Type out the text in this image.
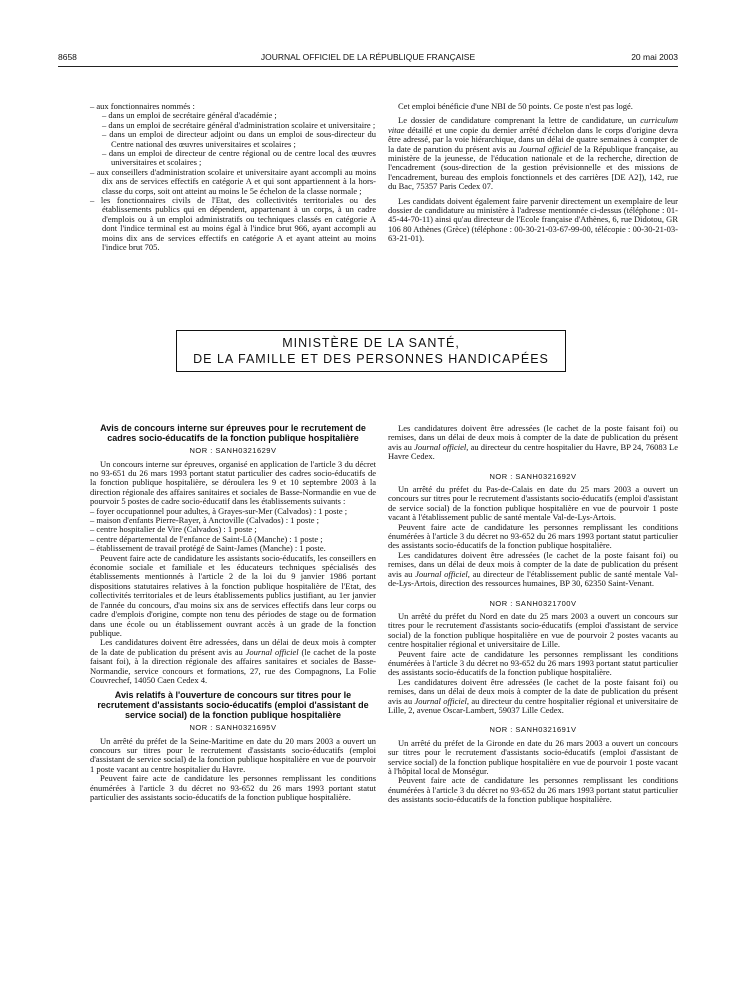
8658	JOURNAL OFFICIEL DE LA RÉPUBLIQUE FRANÇAISE	20 mai 2003

– aux fonctionnaires nommés :

– dans un emploi de secrétaire général d'académie ;

– dans un emploi de secrétaire général d'administration scolaire et universitaire ;

– dans un emploi de directeur adjoint ou dans un emploi de sous-directeur du Centre national des œuvres universitaires et scolaires ;

– dans un emploi de directeur de centre régional ou de centre local des œuvres universitaires et scolaires ;

– aux conseillers d'administration scolaire et universitaire ayant accompli au moins dix ans de services effectifs en catégorie A et qui sont appartiennent à la hors-classe du corps, soit ont atteint au moins le 5e échelon de la classe normale ;

– les fonctionnaires civils de l'Etat, des collectivités territoriales ou des établissements publics qui en dépendent, appartenant à un corps, à un cadre d'emplois ou à un emploi administratifs ou techniques classés en catégorie A dont l'indice terminal est au moins égal à l'indice brut 966, ayant accompli au moins dix ans de services effectifs en catégorie A et ayant atteint au moins l'indice brut 705.

Cet emploi bénéficie d'une NBI de 50 points. Ce poste n'est pas logé.

Le dossier de candidature comprenant la lettre de candidature, un curriculum vitae détaillé et une copie du dernier arrêté d'échelon dans le corps d'origine devra être adressé, par la voie hiérarchique, dans un délai de quatre semaines à compter de la date de parution du présent avis au Journal officiel de la République française, au ministère de la jeunesse, de l'éducation nationale et de la recherche, direction de l'encadrement (sous-direction de la gestion prévisionnelle et des missions de l'encadrement, bureau des emplois fonctionnels et des carrières [DE A2]), 142, rue du Bac, 75357 Paris Cedex 07.

Les candidats doivent également faire parvenir directement un exemplaire de leur dossier de candidature au ministère à l'adresse mentionnée ci-dessus (téléphone : 01-45-44-70-11) ainsi qu'au directeur de l'Ecole française d'Athènes, 6, rue Didotou, GR 106 80 Athènes (Grèce) (téléphone : 00-30-21-03-67-99-00, télécopie : 00-30-21-03-63-21-01).

MINISTÈRE DE LA SANTÉ,
DE LA FAMILLE ET DES PERSONNES HANDICAPÉES

Avis de concours interne sur épreuves pour le recrutement de cadres socio-éducatifs de la fonction publique hospitalière

NOR : SANH0321629V

Un concours interne sur épreuves, organisé en application de l'article 3 du décret no 93-651 du 26 mars 1993 portant statut particulier des cadres socio-éducatifs de la fonction publique hospitalière, se déroulera les 9 et 10 septembre 2003 à la direction régionale des affaires sanitaires et sociales de Basse-Normandie en vue de pourvoir 5 postes de cadre socio-éducatif dans les établissements suivants :

– foyer occupationnel pour adultes, à Grayes-sur-Mer (Calvados) : 1 poste ;

– maison d'enfants Pierre-Rayer, à Anctoville (Calvados) : 1 poste ;

– centre hospitalier de Vire (Calvados) : 1 poste ;

– centre départemental de l'enfance de Saint-Lô (Manche) : 1 poste ;

– établissement de travail protégé de Saint-James (Manche) : 1 poste.

Peuvent faire acte de candidature les assistants socio-éducatifs, les conseillers en économie sociale et familiale et les éducateurs techniques spécialisés des établissements mentionnés à l'article 2 de la loi du 9 janvier 1986 portant dispositions statutaires relatives à la fonction publique hospitalière de l'Etat, des collectivités territoriales et de leurs établissements publics justifiant, au 1er janvier de l'année du concours, d'au moins six ans de services effectifs dans leur corps ou cadre d'emplois d'origine, compte non tenu des périodes de stage ou de formation dans une école ou un établissement ouvrant accès à un grade de la fonction publique.

Les candidatures doivent être adressées, dans un délai de deux mois à compter de la date de publication du présent avis au Journal officiel (le cachet de la poste faisant foi), à la direction régionale des affaires sanitaires et sociales de Basse-Normandie, service concours et formations, 27, rue des Compagnons, La Folie Couvrechef, 14050 Caen Cedex 4.

Avis relatifs à l'ouverture de concours sur titres pour le recrutement d'assistants socio-éducatifs (emploi d'assistant de service social) de la fonction publique hospitalière

NOR : SANH0321695V

Un arrêté du préfet de la Seine-Maritime en date du 20 mars 2003 a ouvert un concours sur titres pour le recrutement d'assistants socio-éducatifs (emploi d'assistant de service social) de la fonction publique hospitalière en vue de pourvoir 1 poste vacant au centre hospitalier du Havre.

Peuvent faire acte de candidature les personnes remplissant les conditions énumérées à l'article 3 du décret no 93-652 du 26 mars 1993 portant statut particulier des assistants socio-éducatifs de la fonction publique hospitalière.

Les candidatures doivent être adressées (le cachet de la poste faisant foi) ou remises, dans un délai de deux mois à compter de la date de publication du présent avis au Journal officiel, au directeur du centre hospitalier du Havre, BP 24, 76083 Le Havre Cedex.

NOR : SANH0321692V

Un arrêté du préfet du Pas-de-Calais en date du 25 mars 2003 a ouvert un concours sur titres pour le recrutement d'assistants socio-éducatifs (emploi d'assistant de service social) de la fonction publique hospitalière en vue de pourvoir 1 poste vacant à l'établissement public de santé mentale Val-de-Lys-Artois.

Peuvent faire acte de candidature les personnes remplissant les conditions énumérées à l'article 3 du décret no 93-652 du 26 mars 1993 portant statut particulier des assistants socio-éducatifs de la fonction publique hospitalière.

Les candidatures doivent être adressées (le cachet de la poste faisant foi) ou remises, dans un délai de deux mois à compter de la date de publication du présent avis au Journal officiel, au directeur de l'établissement public de santé mentale Val-de-Lys-Artois, direction des ressources humaines, BP 30, 62350 Saint-Venant.

NOR : SANH0321700V

Un arrêté du préfet du Nord en date du 25 mars 2003 a ouvert un concours sur titres pour le recrutement d'assistants socio-éducatifs (emploi d'assistant de service social) de la fonction publique hospitalière en vue de pourvoir 2 postes vacants au centre hospitalier régional et universitaire de Lille.

Peuvent faire acte de candidature les personnes remplissant les conditions énumérées à l'article 3 du décret no 93-652 du 26 mars 1993 portant statut particulier des assistants socio-éducatifs de la fonction publique hospitalière.

Les candidatures doivent être adressées (le cachet de la poste faisant foi) ou remises, dans un délai de deux mois à compter de la date de publication du présent avis au Journal officiel, au directeur du centre hospitalier régional et universitaire de Lille, 2, avenue Oscar-Lambert, 59037 Lille Cedex.

NOR : SANH0321691V

Un arrêté du préfet de la Gironde en date du 26 mars 2003 a ouvert un concours sur titres pour le recrutement d'assistants socio-éducatifs (emploi d'assistant de service social) de la fonction publique hospitalière en vue de pourvoir 1 poste vacant à l'hôpital local de Monségur.

Peuvent faire acte de candidature les personnes remplissant les conditions énumérées à l'article 3 du décret no 93-652 du 26 mars 1993 portant statut particulier des assistants socio-éducatifs de la fonction publique hospitalière.
